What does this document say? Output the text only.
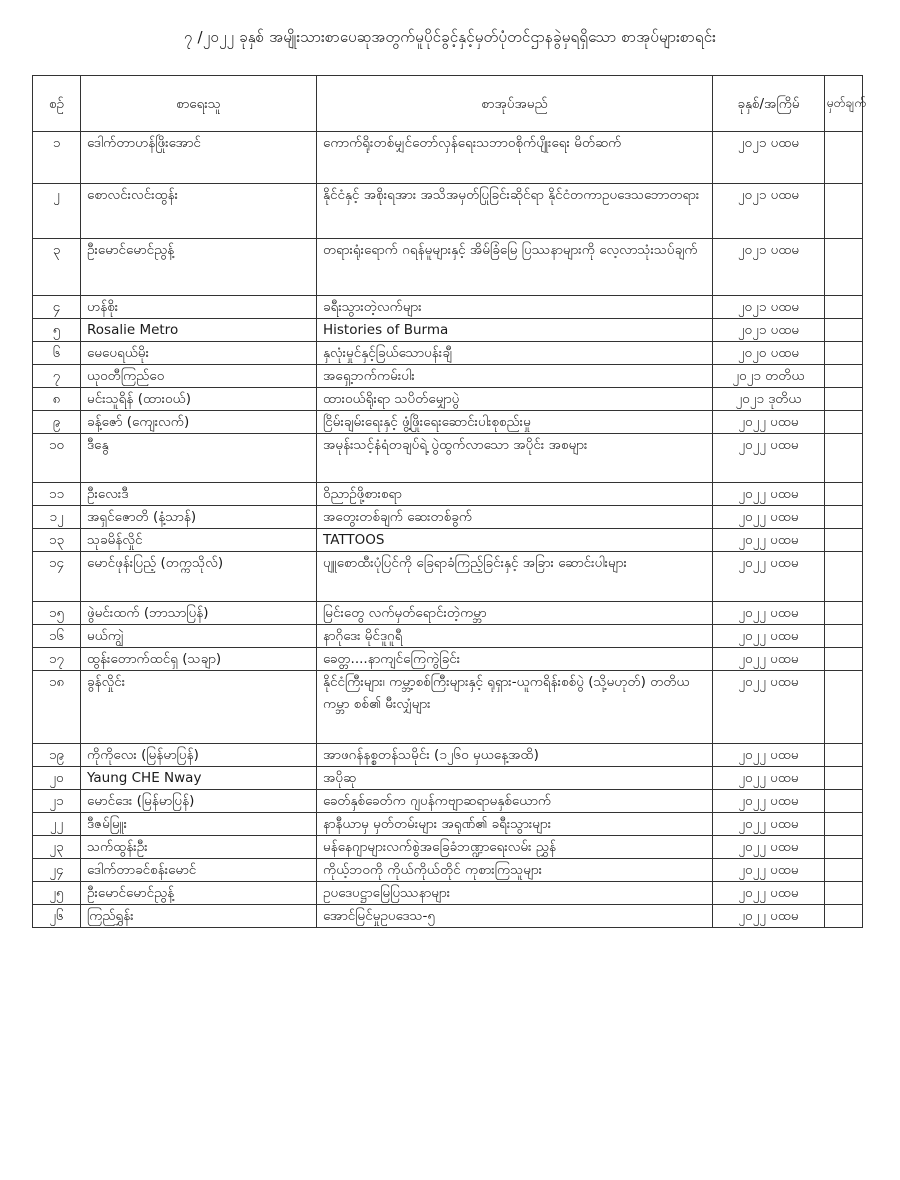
၇ /၂၀၂၂ ခုနှစ် အမျိုးသားစာပေဆုအတွက်မူပိုင်ခွင့်နှင့်မှတ်ပုံတင်ဌာနခွဲမှရရှိသော စာအုပ်များစာရင်း
စဉ်	စာရေးသူ	စာအုပ်အမည်	ခုနှစ်/အကြိမ်	မှတ်ချက်
၁	ဒေါက်တာဟန်ဖြိုးအောင်	ကောက်ရိုးတစ်မျှင်တော်လှန်ရေးသဘာဝစိုက်ပျိုးရေး မိတ်ဆက်	၂၀၂၁ ပထမ	
၂	စောလင်းလင်းထွန်း	နိုင်ငံနှင့် အစိုးရအား အသိအမှတ်ပြုခြင်းဆိုင်ရာ နိုင်ငံတကာဥပဒေသဘောတရား	၂၀၂၁ ပထမ	
၃	ဦးမောင်မောင်ညွန့်	တရားရုံးရောက် ဂရန်မူများနှင့် အိမ်ခြံမြေ ပြဿနာများကို လေ့လာသုံးသပ်ချက်	၂၀၂၁ ပထမ	
၄	ဟန်စိုး	ခရီးသွားတဲ့လက်များ	၂၀၂၁ ပထမ	
၅	Rosalie Metro	Histories of Burma	၂၀၂၁ ပထမ	
၆	မေပေရယ်မိုး	နှလုံးမှုင်နှင့်ခြယ်သောပန်းချီ	၂၀၂၀ ပထမ	
၇	ယုဝတီကြည်ဝေ	အရှေ့ဘက်ကမ်းပါး	၂၀၂၁ တတိယ	
၈	မင်းသူရိန် (ထားဝယ်)	ထားဝယ်ရိုးရာ သပိတ်မျှောပွဲ	၂၀၂၁ ဒုတိယ	
၉	ခန့်ဇော် (ကျေးလက်)	ငြိမ်းချမ်းရေးနှင့် ဖွံ့ဖြိုးရေးဆောင်းပါးစုစည်းမှု	၂၀၂၂ ပထမ	
၁၀	ဒီနွေ	အမုန်းသင့်နံရံတချပ်ရဲ့ ပွဲထွက်လာသော အပိုင်း အစများ	၂၀၂၂ ပထမ	
၁၁	ဦးလေးဒီ	ဝိညာဉ်ဖို့စားစရာ	၂၀၂၂ ပထမ	
၁၂	အရှင်ဇောတိ (နံ့သာန်)	အတွေးတစ်ချက် ဆေးတစ်ခွက်	၂၀၂၂ ပထမ	
၁၃	သုခမိန်လှိုင်	TATTOOS	၂၀၂၂ ပထမ	
၁၄	မောင်ဖုန်းပြည့် (တက္ကသိုလ်)	ပျူစောထီးပုံပြင်ကို ခြေရာခံကြည့်ခြင်းနှင့် အခြား ဆောင်းပါးများ	၂၀၂၂ ပထမ	
၁၅	ဖွဲမင်းထက် (ဘာသာပြန်)	မြင်းတွေ လက်မှတ်ရောင်းတဲ့ကမ္ဘာ	၂၀၂၂ ပထမ	
၁၆	မယ်ကျွဲ	နာဂိုဒေး မိုင်ဒူဂူရီ	၂၀၂၂ ပထမ	
၁၇	ထွန်းတောက်ထင်ရှ (သချာ)	ခေတ္တ....နာကျင်ကြေကွဲခြင်း	၂၀၂၂ ပထမ	
၁၈	ခွန်လှိုင်း	နိုင်ငံကြီးများ၊ ကမ္ဘာ့စစ်ကြီးများနှင့် ရုရှား-ယူကရိန်းစစ်ပွဲ (သို့မဟုတ်) တတိယကမ္ဘာ စစ်၏ မီးလျှံများ	၂၀၂၂ ပထမ	
၁၉	ကိုကိုလေး (မြန်မာပြန်)	အာဖဂန်နစ္စတန်သမိုင်း (၁၂၆၀ မှယနေ့အထိ)	၂၀၂၂ ပထမ	
၂၀	Yaung CHE Nway	အပိုဆု	၂၀၂၂ ပထမ	
၂၁	မောင်ဒေး (မြန်မာပြန်)	ခေတ်နှစ်ခေတ်က ဂျပန်ကဗျာဆရာမနှစ်ယောက်	၂၀၂၂ ပထမ	
၂၂	ဒီဇမ်မြူး	နာနီယာမှ မှတ်တမ်းများ အရုဏ်၏ ခရီးသွားများ	၂၀၂၂ ပထမ	
၂၃	သက်ထွန်းဦး	မန်နေဂျာများလက်စွဲအခြေခံဘဏ္ဍာရေးလမ်း ညွှန်	၂၀၂၂ ပထမ	
၂၄	ဒေါက်တာခင်စန်းမောင်	ကိုယ့်ဘဝကို ကိုယ်ကိုယ်တိုင် ကုစားကြသူများ	၂၀၂၂ ပထမ	
၂၅	ဦးမောင်မောင်ညွန့်	ဥပဒေပဋ္ဌာမြေပြဿနာများ	၂၀၂၂ ပထမ	
၂၆	ကြည်ရွှန်း	အောင်မြင်မှုဥပဒေသ-၅	၂၀၂၂ ပထမ	
